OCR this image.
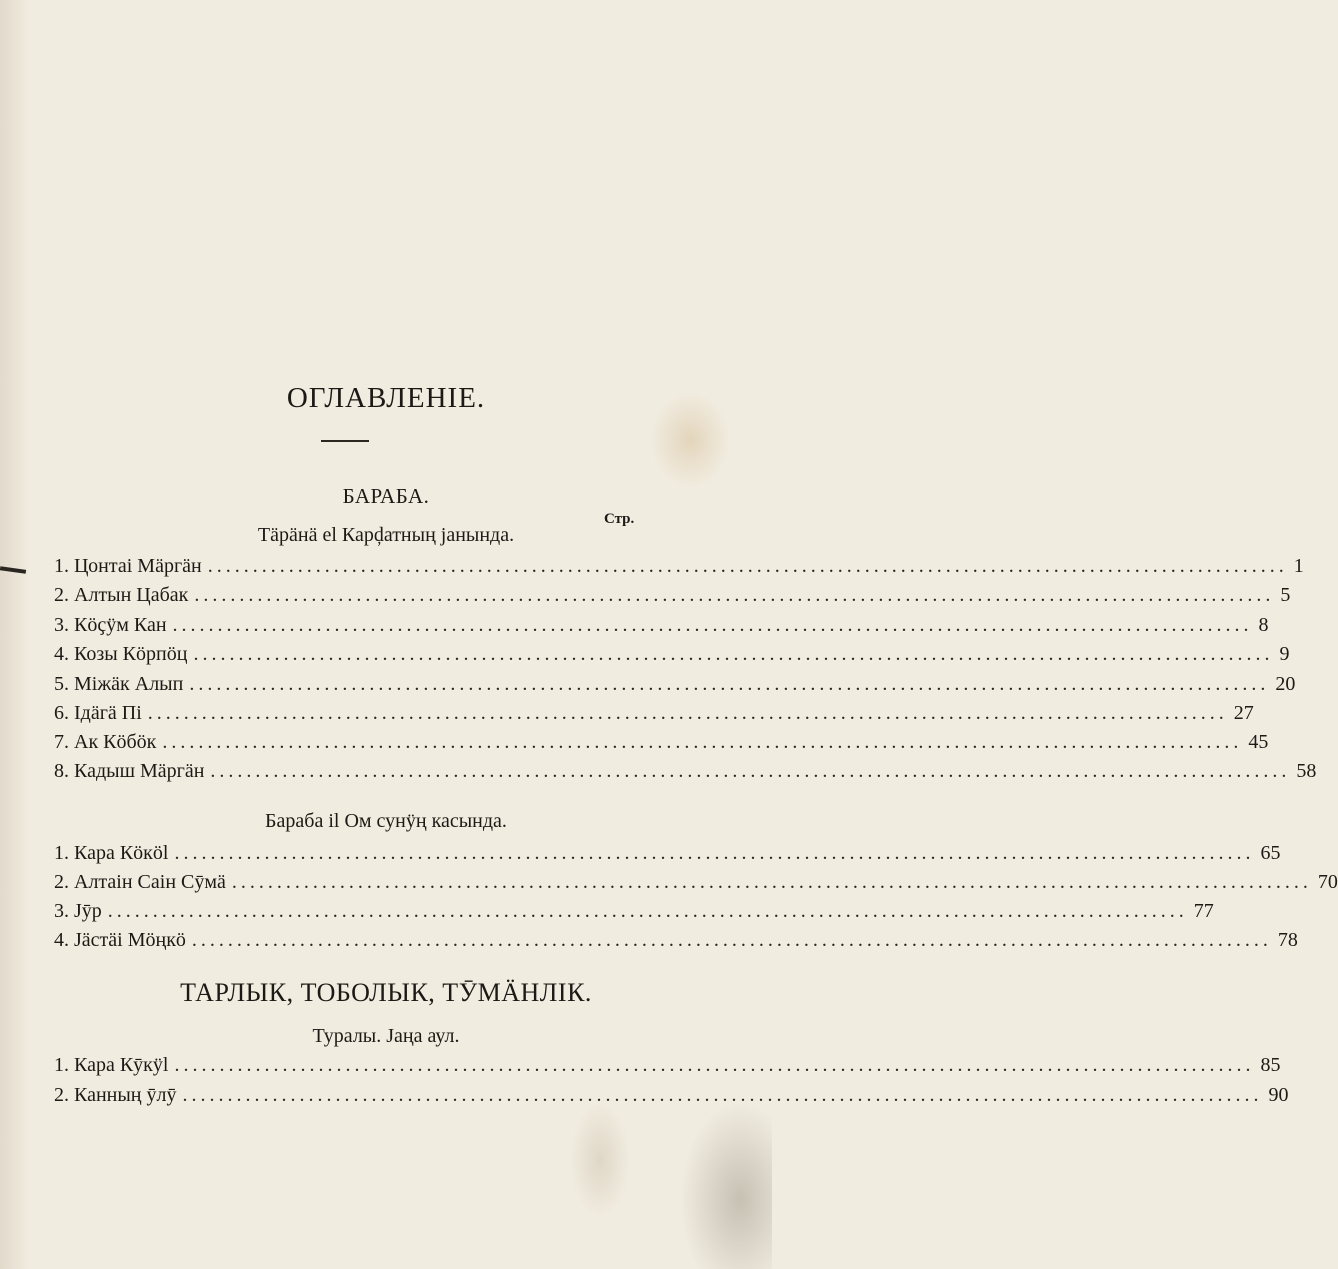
ОГЛАВЛЕНІЕ.
БАРАБА.
Стр.
Тäрäнä еl Карḑатның јанында.
1. Цонтаі Мäргäн ........................................................................................................................ 1
2. Алтын Цабак ........................................................................................................................ 5
3. Кöҫӱм Кан ........................................................................................................................ 8
4. Козы Кöрпöц ........................................................................................................................ 9
5. Міжäк Алып ........................................................................................................................ 20
6. Ідäгä Пі ........................................................................................................................ 27
7. Ак Кöбöк ........................................................................................................................ 45
8. Кадыш Мäргäн ........................................................................................................................ 58
Бараба іl Ом сунӱң касында.
1. Кара Кöкöl ........................................................................................................................ 65
2. Алтаін Саін Сӯмä ........................................................................................................................ 70
3. Јӯр ........................................................................................................................ 77
4. Јäстäі Мöңкö ........................................................................................................................ 78
ТАРЛЫК, ТОБОЛЫК, ТӮМÄНЛӀК.
Туралы. Јаңа аул.
1. Кара Кӯкӱl ........................................................................................................................ 85
2. Канның ӯлӯ ........................................................................................................................ 90
